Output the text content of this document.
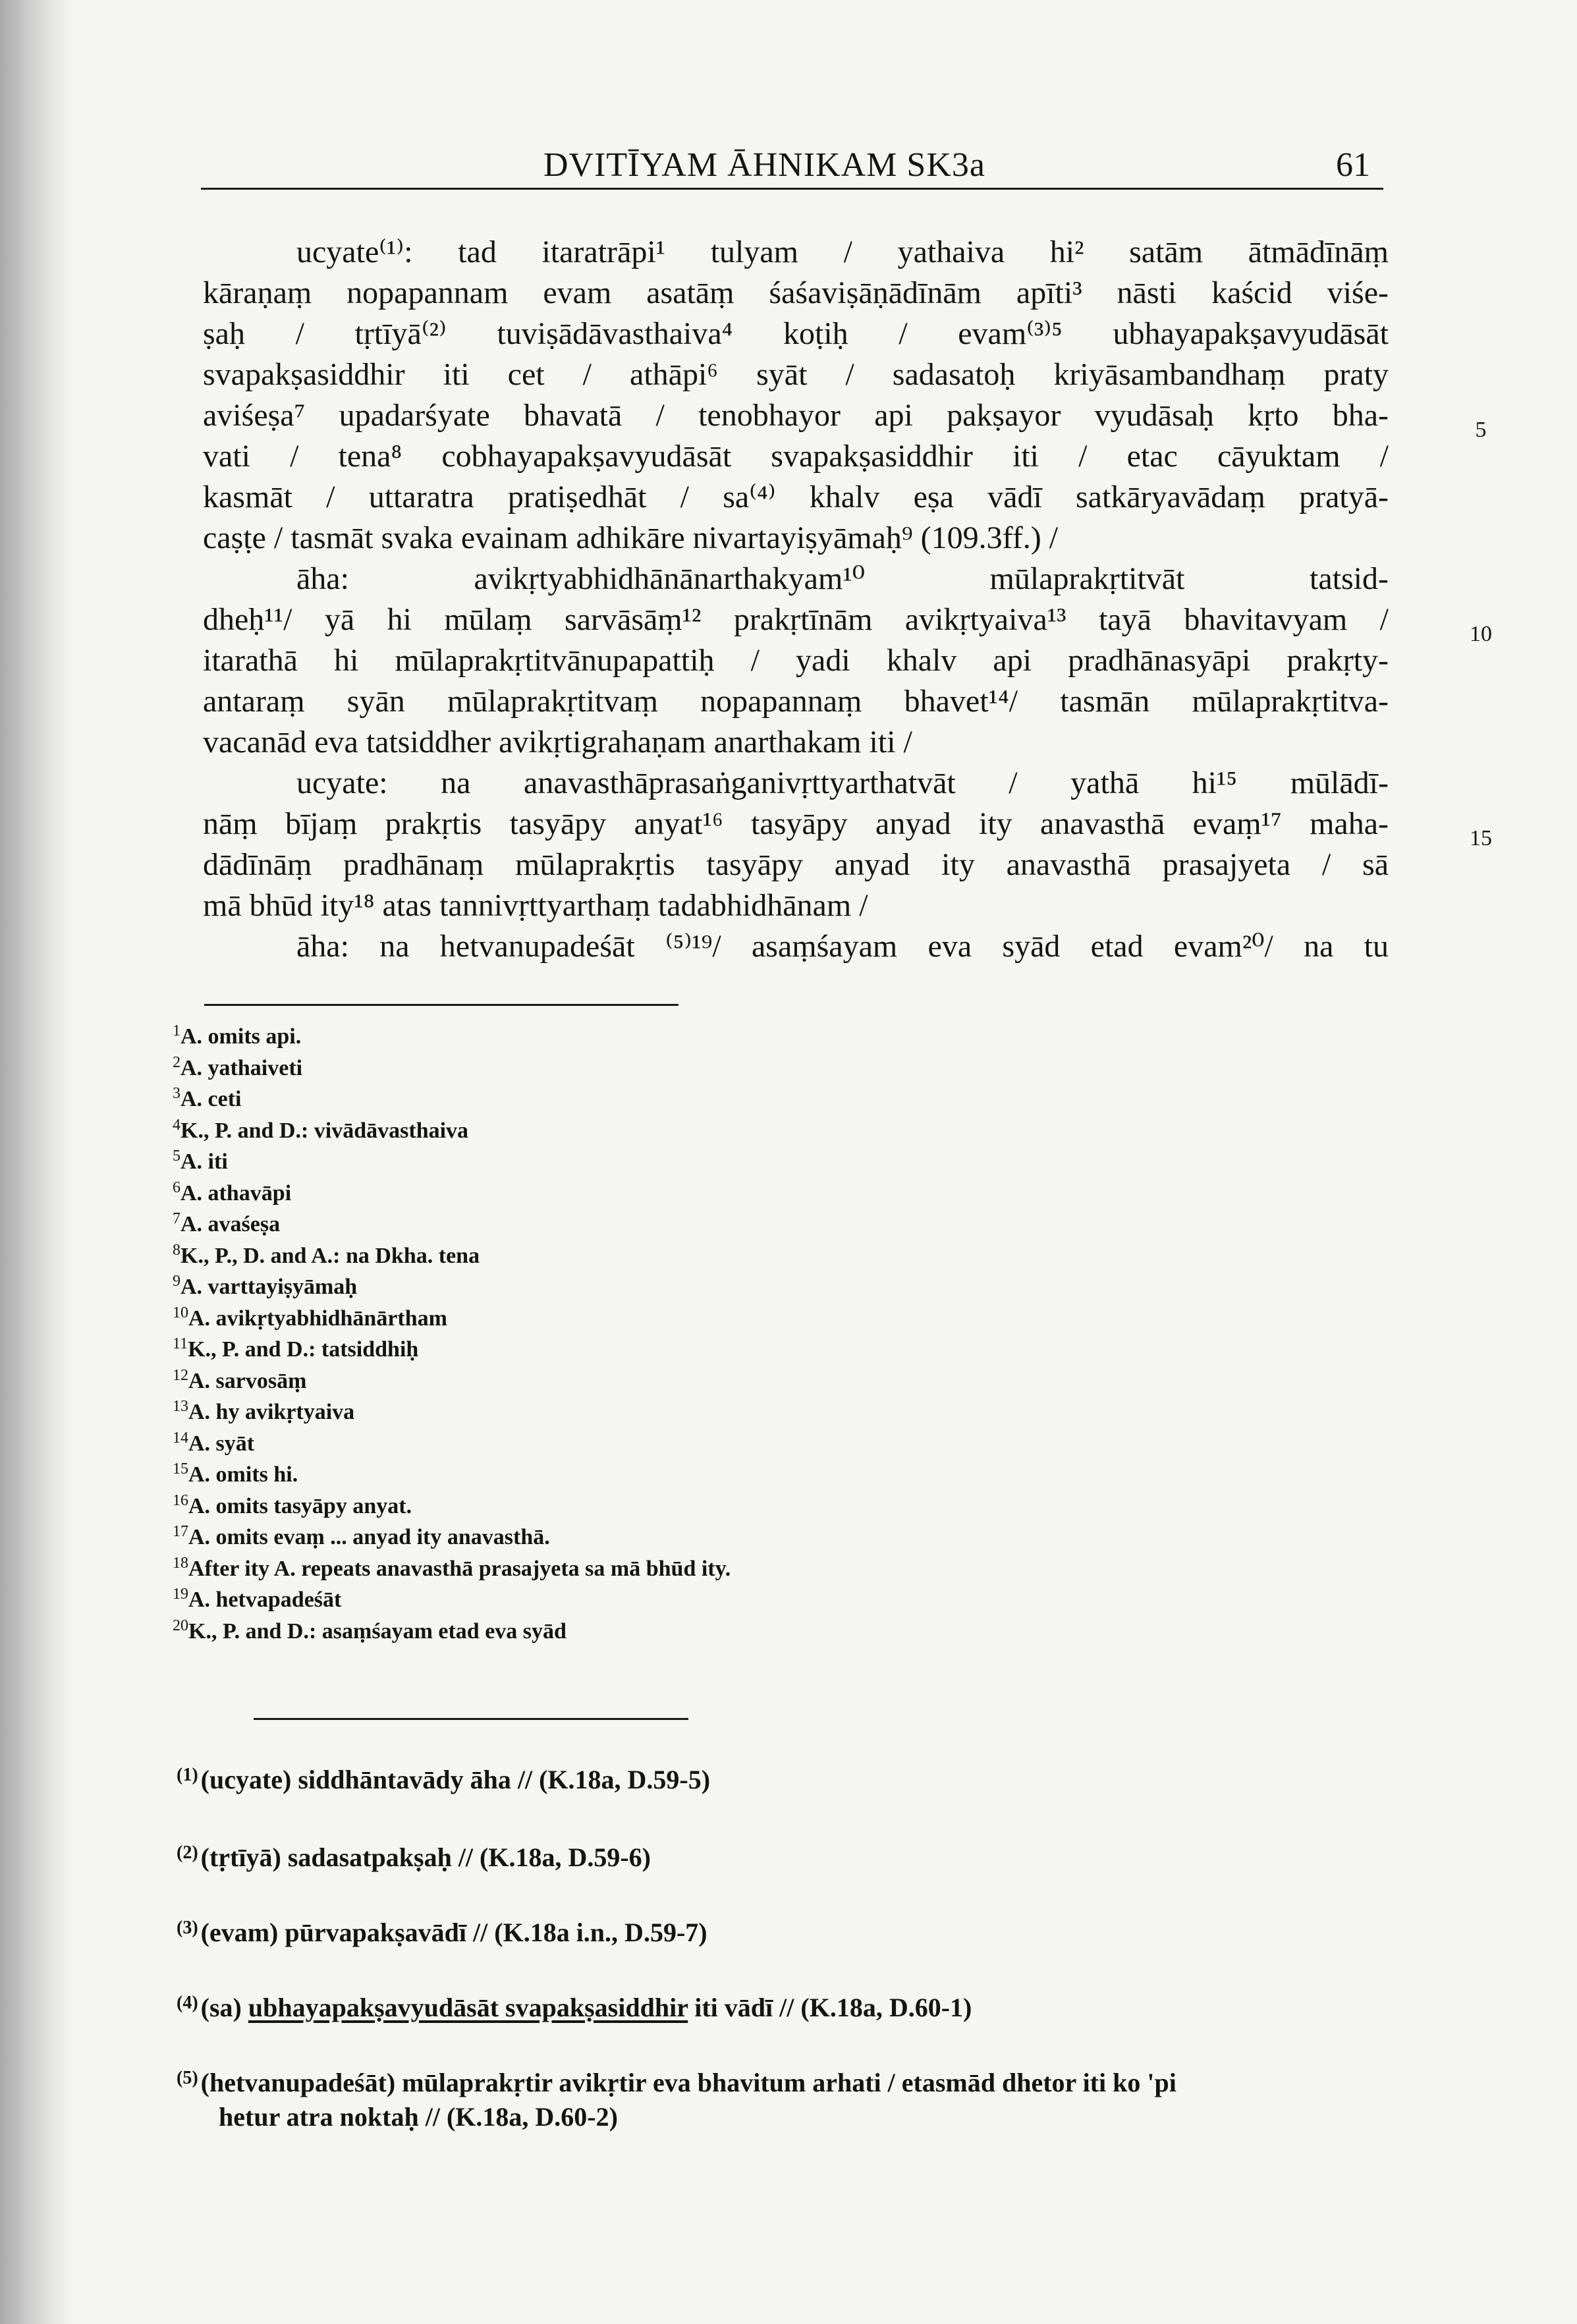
DVITĪYAM ĀHNIKAM SK3a	61
ucyate⁽¹⁾: tad itaratrāpi¹ tulyam / yathaiva hi² satām ātmādīnāṃ
kāraṇaṃ nopapannam evam asatāṃ śaśaviṣāṇādīnām apīti³ nāsti kaścid viśe-
ṣaḥ / tṛtīyā⁽²⁾ tuviṣādāvasthaiva⁴ koṭiḥ / evam⁽³⁾⁵ ubhayapakṣavyudāsāt
svapakṣasiddhir iti cet / athāpi⁶ syāt / sadasatoḥ kriyāsambandhaṃ praty
aviśeṣa⁷ upadarśyate bhavatā / tenobhayor api pakṣayor vyudāsaḥ kṛto bha-
vati / tena⁸ cobhayapakṣavyudāsāt svapakṣasiddhir iti / etac cāyuktam /
kasmāt / uttaratra pratiṣedhāt / sa⁽⁴⁾ khalv eṣa vādī satkāryavādaṃ pratyā-
caṣṭe / tasmāt svaka evainam adhikāre nivartayiṣyāmaḥ⁹ (109.3ff.) /
āha: avikṛtyabhidhānānarthakyam¹⁰ mūlaprakṛtitvāt tatsid-
dheḥ¹¹/ yā hi mūlaṃ sarvāsāṃ¹² prakṛtīnām avikṛtyaiva¹³ tayā bhavitavyam /
itarathā hi mūlaprakṛtitvānupapattiḥ / yadi khalv api pradhānasyāpi prakṛty-
antaraṃ syān mūlaprakṛtitvaṃ nopapannaṃ bhavet¹⁴/ tasmān mūlaprakṛtitva-
vacanād eva tatsiddher avikṛtigrahaṇam anarthakam iti /
ucyate: na anavasthāprasaṅganivṛttyarthatvāt / yathā hi¹⁵ mūlādī-
nāṃ bījaṃ prakṛtis tasyāpy anyat¹⁶ tasyāpy anyad ity anavasthā evaṃ¹⁷ maha-
dādīnāṃ pradhānaṃ mūlaprakṛtis tasyāpy anyad ity anavasthā prasajyeta / sā
mā bhūd ity¹⁸ atas tannivṛttyarthaṃ tadabhidhānam /
āha: na hetvanupadeśāt ⁽⁵⁾¹⁹/ asaṃśayam eva syād etad evam²⁰/ na tu
5
10
15
$^1$A. omits api.
$^2$A. yathaiveti
$^3$A. ceti
$^4$K., P. and D.: vivādāvasthaiva
$^5$A. iti
$^6$A. athavāpi
$^7$A. avaśeṣa
$^8$K., P., D. and A.: na Dkha. tena
$^9$A. varttayiṣyāmaḥ
$^{10}$A. avikṛtyabhidhānārtham
$^{11}$K., P. and D.: tatsiddhiḥ
$^{12}$A. sarvosāṃ
$^{13}$A. hy avikṛtyaiva
$^{14}$A. syāt
$^{15}$A. omits hi.
$^{16}$A. omits tasyāpy anyat.
$^{17}$A. omits evaṃ ... anyad ity anavasthā.
$^{18}$After ity A. repeats anavasthā prasajyeta sa mā bhūd ity.
$^{19}$A. hetvapadeśāt
$^{20}$K., P. and D.: asaṃśayam etad eva syād
$^{(1)}$ (ucyate) siddhāntavādy āha // (K.18a, D.59-5)
$^{(2)}$ (tṛtīyā) sadasatpakṣaḥ // (K.18a, D.59-6)
$^{(3)}$ (evam) pūrvapakṣavādī // (K.18a i.n., D.59-7)
$^{(4)}$ (sa) ubhayapakṣavyudāsāt svapakṣasiddhir iti vādī // (K.18a, D.60-1)
$^{(5)}$ (hetvanupadeśāt) mūlaprakṛtir avikṛtir eva bhavitum arhati / etasmād dhetor iti ko 'pi
hetur atra noktaḥ // (K.18a, D.60-2)
